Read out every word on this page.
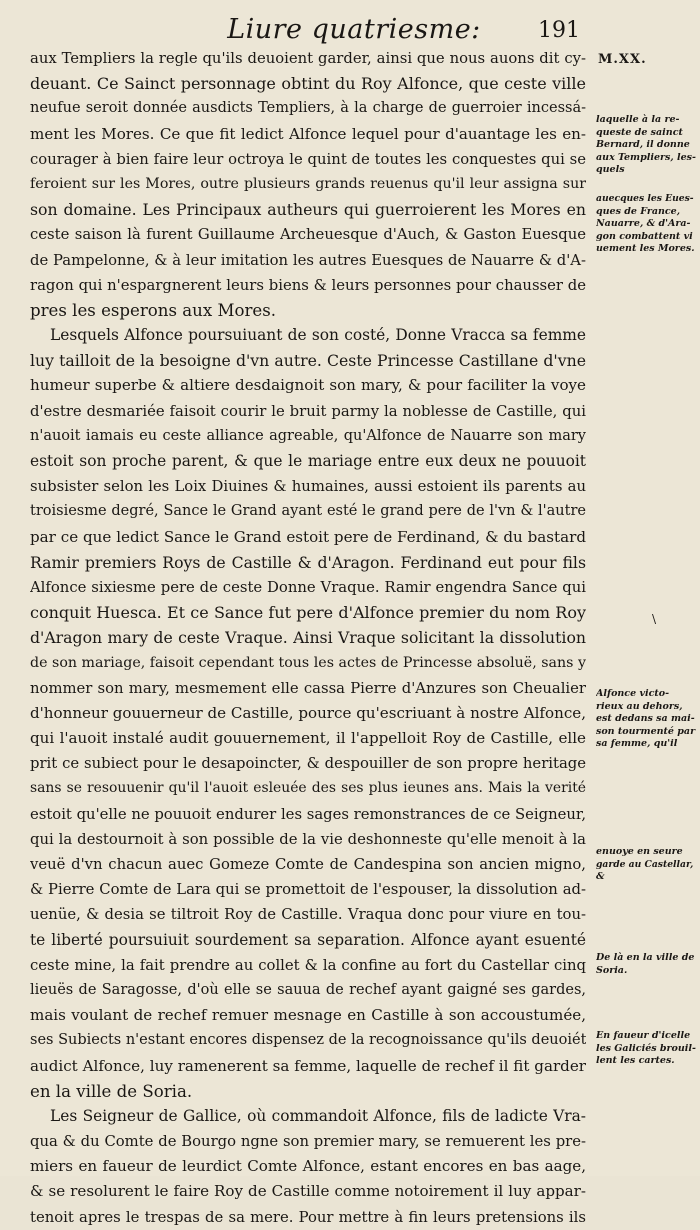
Liure quatriesme:	191
M.XX.
aux Templiers la regle qu'ils deuoient garder, ainsi que nous auons dit cy-
deuant. Ce Sainct personnage obtint du Roy Alfonce, que ceste ville
neufue seroit donnée ausdicts Templiers, à la charge de guerroier incessá-
ment les Mores. Ce que fit ledict Alfonce lequel pour d'auantage les en-
courager à bien faire leur octroya le quint de toutes les conquestes qui se
feroient sur les Mores, outre plusieurs grands reuenus qu'il leur assigna sur
son domaine. Les Principaux autheurs qui guerroierent les Mores en
ceste saison là furent Guillaume Archeuesque d'Auch, & Gaston Euesque
de Pampelonne, & à leur imitation les autres Euesques de Nauarre & d'A-
ragon qui n'espargnerent leurs biens & leurs personnes pour chausser de
pres les esperons aux Mores.
Lesquels Alfonce poursuiuant de son costé, Donne Vracca sa femme
luy tailloit de la besoigne d'vn autre. Ceste Princesse Castillane d'vne
humeur superbe & altiere desdaignoit son mary, & pour faciliter la voye
d'estre desmariée faisoit courir le bruit parmy la noblesse de Castille, qui
n'auoit iamais eu ceste alliance agreable, qu'Alfonce de Nauarre son mary
estoit son proche parent, & que le mariage entre eux deux ne pouuoit
subsister selon les Loix Diuines & humaines, aussi estoient ils parents au
troisiesme degré, Sance le Grand ayant esté le grand pere de l'vn & l'autre
par ce que ledict Sance le Grand estoit pere de Ferdinand, & du bastard
Ramir premiers Roys de Castille & d'Aragon. Ferdinand eut pour fils
Alfonce sixiesme pere de ceste Donne Vraque. Ramir engendra Sance qui
conquit Huesca. Et ce Sance fut pere d'Alfonce premier du nom Roy
d'Aragon mary de ceste Vraque. Ainsi Vraque solicitant la dissolution
de son mariage, faisoit cependant tous les actes de Princesse absoluë, sans y
nommer son mary, mesmement elle cassa Pierre d'Anzures son Cheualier
d'honneur gouuerneur de Castille, pource qu'escriuant à nostre Alfonce,
qui l'auoit instalé audit gouuernement, il l'appelloit Roy de Castille, elle
prit ce subiect pour le desapoincter, & despouiller de son propre heritage
sans se resouuenir qu'il l'auoit esleuée des ses plus ieunes ans. Mais la verité
estoit qu'elle ne pouuoit endurer les sages remonstrances de ce Seigneur,
qui la destournoit à son possible de la vie deshonneste qu'elle menoit à la
veuë d'vn chacun auec Gomeze Comte de Candespina son ancien migno,
& Pierre Comte de Lara qui se promettoit de l'espouser, la dissolution ad-
uenüe, & desia se tiltroit Roy de Castille. Vraqua donc pour viure en tou-
te liberté poursuiuit sourdement sa separation. Alfonce ayant esuenté
ceste mine, la fait prendre au collet & la confine au fort du Castellar cinq
lieuës de Saragosse, d'où elle se sauua de rechef ayant gaigné ses gardes,
mais voulant de rechef remuer mesnage en Castille à son accoustumée,
ses Subiects n'estant encores dispensez de la recognoissance qu'ils deuoiét
audict Alfonce, luy ramenerent sa femme, laquelle de rechef il fit garder
en la ville de Soria.
Les Seigneur de Gallice, où commandoit Alfonce, fils de ladicte Vra-
qua & du Comte de Bourgo ngne son premier mary, se remuerent les pre-
miers en faueur de leurdict Comte Alfonce, estant encores en bas aage,
& se resolurent le faire Roy de Castille comme notoirement il luy appar-
tenoit apres le trespas de sa mere. Pour mettre à fin leurs pretensions ils
laquelle à la re-
queste de sainct
Bernard, il donne
aux Templiers, les-
quels
auecques les Eues-
ques de France,
Nauarre, & d'Ara-
gon combattent vi
uement les Mores.
Alfonce victo-
rieux au dehors,
est dedans sa mai-
son tourmenté par
sa femme, qu'il
enuoye en seure
garde au Castellar,
&
De là en la ville de
Soria.
En faueur d'icelle
les Galiciés brouil-
lent les cartes.
\
